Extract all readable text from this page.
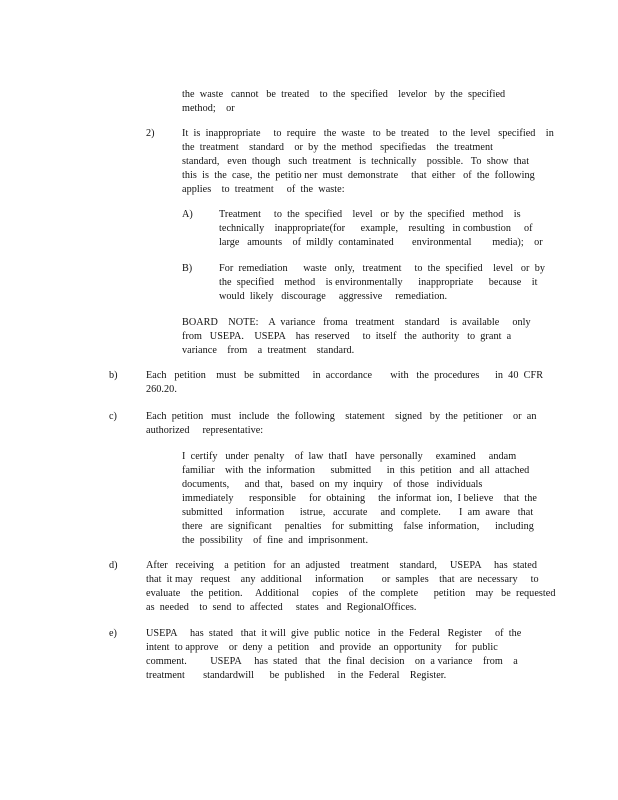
the  waste   cannot   be  treated    to  the  specified    levelor   by  the  specified
method;    or
2)	It  is  inappropriate     to  require   the  waste   to  be  treated    to  the  level   specified    in
the  treatment    standard    or  by  the  method   specifiedas    the  treatment
standard,   even  though   such  treatment   is  technically    possible.   To  show  that
this  is  the  case,  the  petitio ner  must  demonstrate     that  either   of  the  following
applies    to  treatment     of  the  waste:
A)	Treatment     to  the  specified    level   or  by  the  specified   method    is
technically    inappropriate(for      example,    resulting   in combustion     of
large   amounts    of  mildly  contaminated       environmental        media);    or
B)	For  remediation      waste   only,   treatment     to  the  specified    level   or  by
the  specified    method    is environmentally      inappropriate      because    it
would  likely   discourage     aggressive     remediation.
BOARD    NOTE:    A  variance   froma   treatment    standard    is  available     only
from   USEPA.    USEPA    has  reserved     to  itself   the  authority   to  grant  a
variance    from    a  treatment    standard.
b)	Each   petition    must   be  submitted     in  accordance       with   the  procedures      in  40  CFR
260.20.
c)	Each  petition   must   include   the  following    statement    signed   by  the  petitioner    or  an
authorized     representative:
I  certify   under  penalty    of  law  thatI   have  personally     examined     andam
familiar    with  the  information      submitted      in  this  petition   and  all  attached
documents,      and  that,   based  on  my  inquiry    of  those   individuals
immediately      responsible     for  obtaining     the  informat  ion,  I believe    that  the
submitted     information      istrue,   accurate     and  complete.       I  am  aware   that
there   are  significant     penalties    for  submitting    false  information,      including
the  possibility    of  fine  and  imprisonment.
d)	After   receiving    a  petition   for  an  adjusted    treatment    standard,     USEPA     has  stated
that  it may   request    any  additional     information       or  samples    that  are  necessary     to
evaluate    the  petition.     Additional     copies    of  the  complete      petition    may   be  requested
as  needed    to  send  to  affected     states   and  RegionalOffices.
e)	USEPA     has  stated   that  it will  give  public  notice   in  the  Federal   Register     of  the
intent  to approve    or  deny  a  petition    and  provide   an  opportunity     for  public
comment.         USEPA     has  stated   that   the  final  decision    on  a variance    from    a
treatment       standardwill      be  published     in  the  Federal    Register.
